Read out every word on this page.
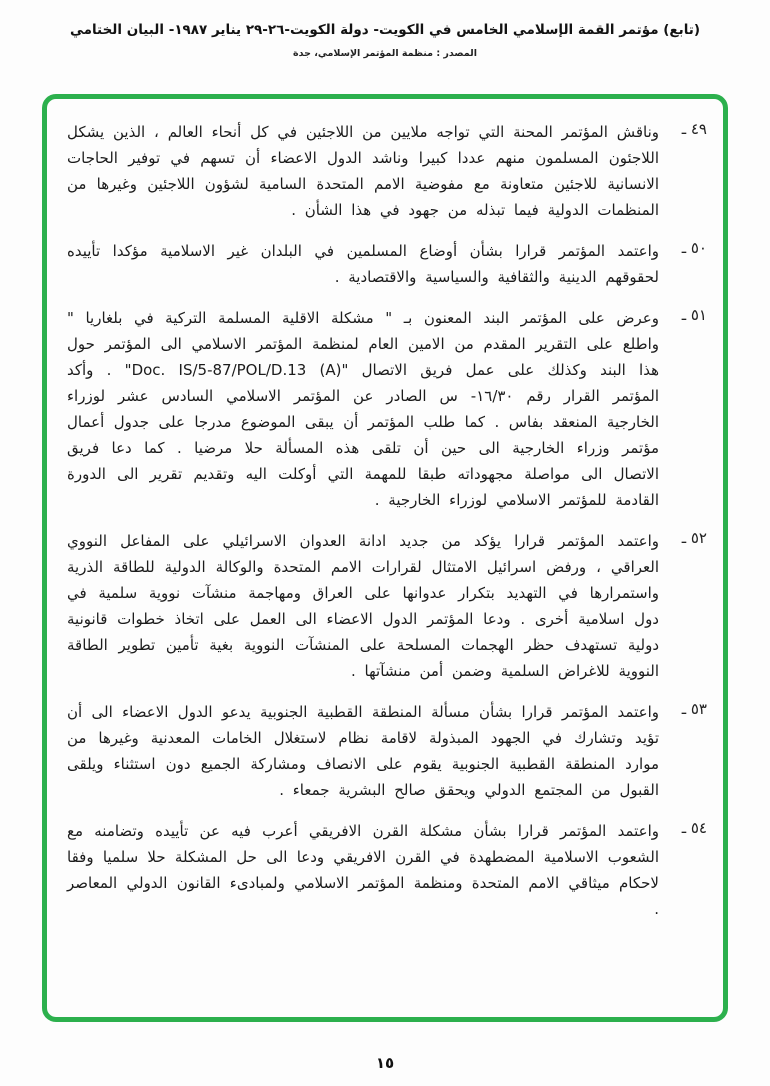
(تابع) مؤتمر القمة الإسلامي الخامس في الكويت- دولة الكويت-٢٦-٢٩ يناير ١٩٨٧- البيان الختامي
المصدر : منظمة المؤتمر الإسلامي، جدة
٤٩ ـ
وناقش المؤتمر المحنة التي تواجه ملايين من اللاجئين في كل أنحاء العالم ، الذين يشكل اللاجئون المسلمون منهم عددا كبيرا وناشد الدول الاعضاء أن تسهم في توفير الحاجات الانسانية للاجئين متعاونة مع مفوضية الامم المتحدة السامية لشؤون اللاجئين وغيرها من المنظمات الدولية فيما تبذله من جهود في هذا الشأن .
٥٠ ـ
واعتمد المؤتمر قرارا بشأن أوضاع المسلمين في البلدان غير الاسلامية مؤكدا تأييده لحقوقهم الدينية والثقافية والسياسية والاقتصادية .
٥١ ـ
وعرض على المؤتمر البند المعنون بـ " مشكلة الاقلية المسلمة التركية في بلغاريا " واطلع على التقرير المقدم من الامين العام لمنظمة المؤتمر الاسلامي الى المؤتمر حول هذا البند وكذلك على عمل فريق الاتصال "Doc. IS/5-87/POL/D.13 (A)" . وأكد المؤتمر القرار رقم ١٦/٣٠- س الصادر عن المؤتمر الاسلامي السادس عشر لوزراء الخارجية المنعقد بفاس . كما طلب المؤتمر أن يبقى الموضوع مدرجا على جدول أعمال مؤتمر وزراء الخارجية الى حين أن تلقى هذه المسألة حلا مرضيا . كما دعا فريق الاتصال الى مواصلة مجهوداته طبقا للمهمة التي أوكلت اليه وتقديم تقرير الى الدورة القادمة للمؤتمر الاسلامي لوزراء الخارجية .
٥٢ ـ
واعتمد المؤتمر قرارا يؤكد من جديد ادانة العدوان الاسرائيلي على المفاعل النووي العراقي ، ورفض اسرائيل الامتثال لقرارات الامم المتحدة والوكالة الدولية للطاقة الذرية واستمرارها في التهديد بتكرار عدوانها على العراق ومهاجمة منشآت نووية سلمية في دول اسلامية أخرى . ودعا المؤتمر الدول الاعضاء الى العمل على اتخاذ خطوات قانونية دولية تستهدف حظر الهجمات المسلحة على المنشآت النووية بغية تأمين تطوير الطاقة النووية للاغراض السلمية وضمن أمن منشآتها .
٥٣ ـ
واعتمد المؤتمر قرارا بشأن مسألة المنطقة القطبية الجنوبية يدعو الدول الاعضاء الى أن تؤيد وتشارك في الجهود المبذولة لاقامة نظام لاستغلال الخامات المعدنية وغيرها من موارد المنطقة القطبية الجنوبية يقوم على الانصاف ومشاركة الجميع دون استثناء ويلقى القبول من المجتمع الدولي ويحقق صالح البشرية جمعاء .
٥٤ ـ
واعتمد المؤتمر قرارا بشأن مشكلة القرن الافريقي أعرب فيه عن تأييده وتضامنه مع الشعوب الاسلامية المضطهدة في القرن الافريقي ودعا الى حل المشكلة حلا سلميا وفقا لاحكام ميثاقي الامم المتحدة ومنظمة المؤتمر الاسلامي ولمبادىء القانون الدولي المعاصر .
١٥
